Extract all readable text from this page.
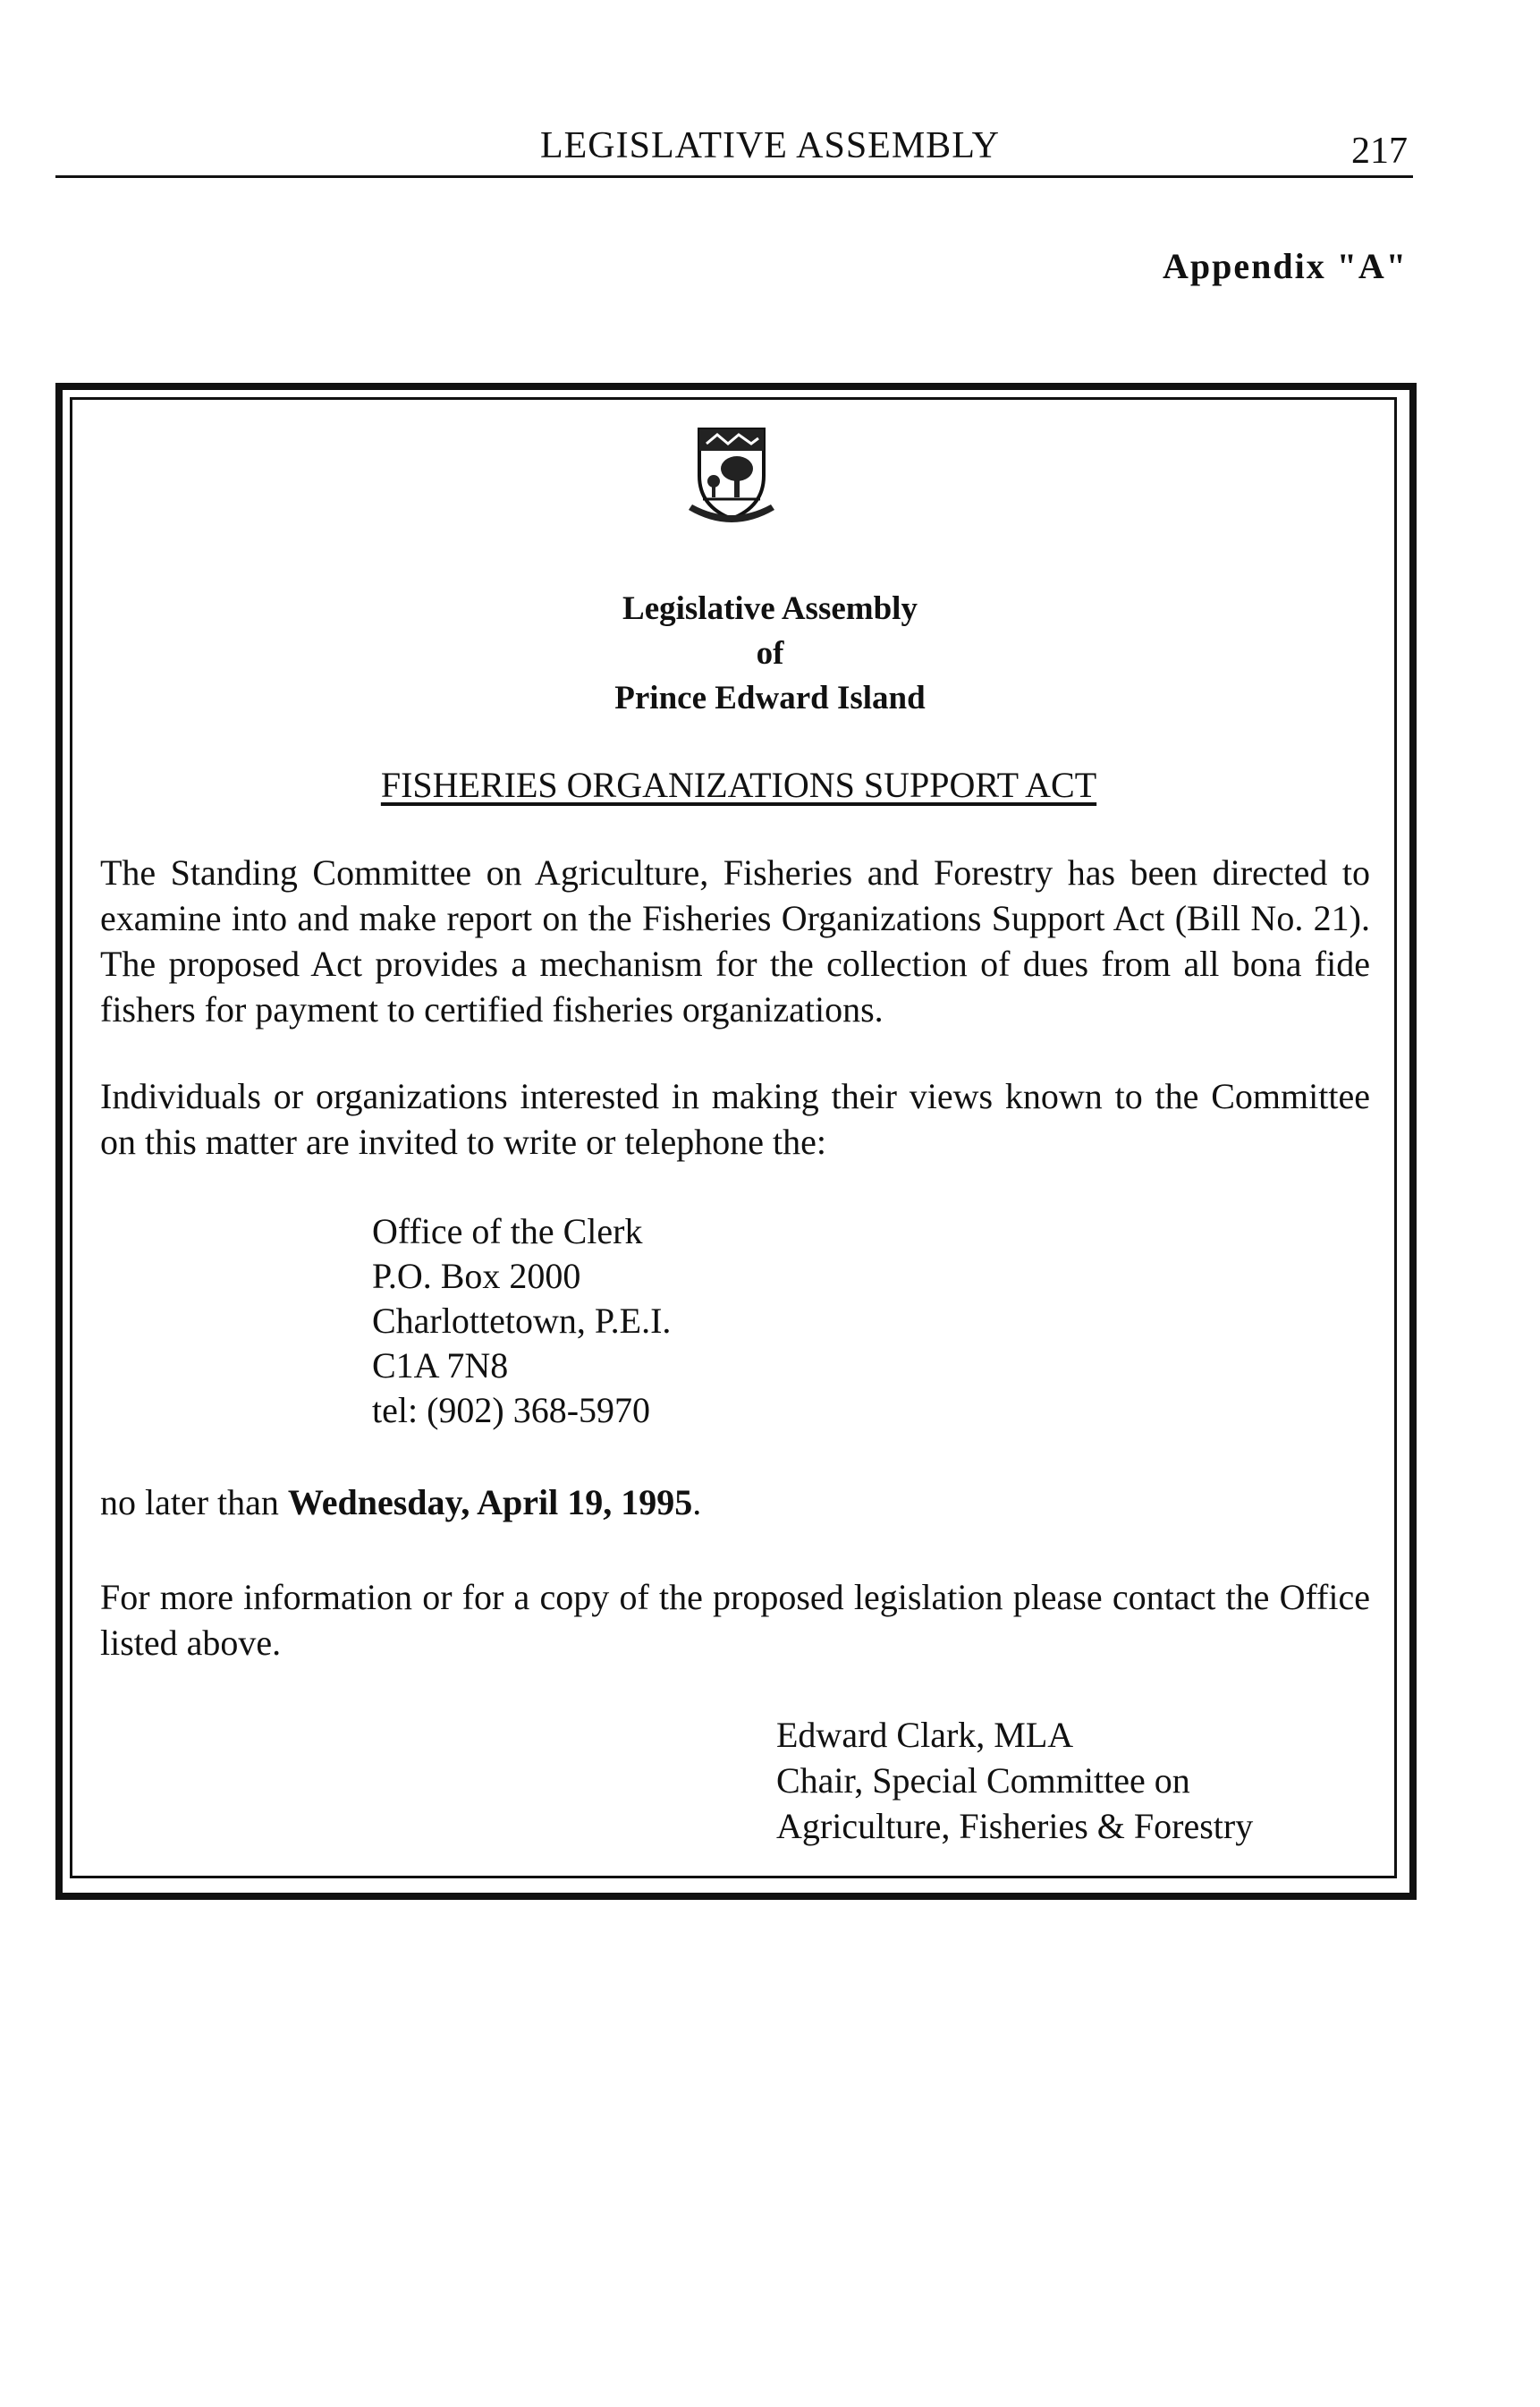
LEGISLATIVE ASSEMBLY	217
Appendix "A"
Legislative Assembly
of
Prince Edward Island
FISHERIES ORGANIZATIONS SUPPORT ACT
The Standing Committee on Agriculture, Fisheries and Forestry has been directed to examine into and make report on the Fisheries Organizations Support Act (Bill No. 21). The proposed Act provides a mechanism for the collection of dues from all bona fide fishers for payment to certified fisheries organizations.
Individuals or organizations interested in making their views known to the Committee on this matter are invited to write or telephone the:
Office of the Clerk
P.O. Box 2000
Charlottetown, P.E.I.
C1A 7N8
tel: (902) 368-5970
no later than Wednesday, April 19, 1995.
For more information or for a copy of the proposed legislation please contact the Office listed above.
Edward Clark, MLA
Chair, Special Committee on
Agriculture, Fisheries & Forestry
